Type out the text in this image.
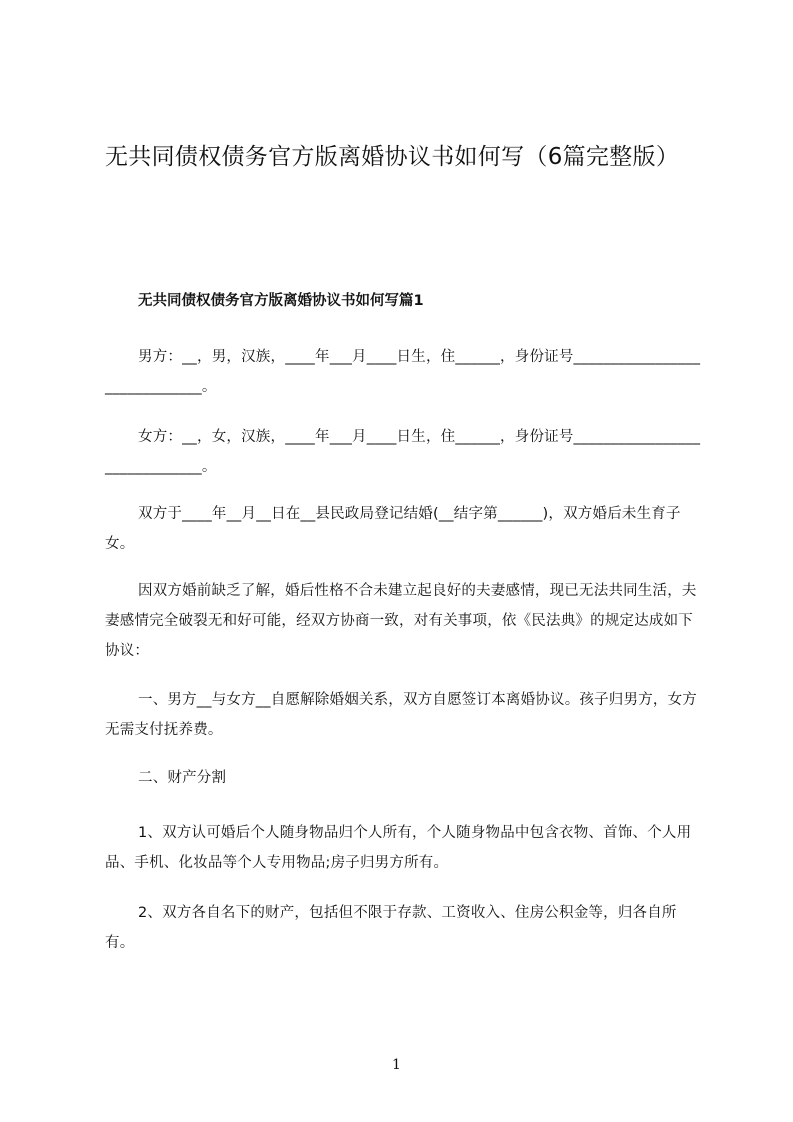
无共同债权债务官方版离婚协议书如何写（6篇完整版）
无共同债权债务官方版离婚协议书如何写篇1
男方：__，男，汉族，____年___月____日生，住______，身份证号______________________________。
女方：__，女，汉族，____年___月____日生，住______，身份证号______________________________。
双方于____年__月__日在__县民政局登记结婚(__结字第______)，双方婚后未生育子女。
因双方婚前缺乏了解，婚后性格不合未建立起良好的夫妻感情，现已无法共同生活，夫妻感情完全破裂无和好可能，经双方协商一致，对有关事项，依《民法典》的规定达成如下协议：
一、男方__与女方__自愿解除婚姻关系，双方自愿签订本离婚协议。孩子归男方，女方无需支付抚养费。
二、财产分割
1、双方认可婚后个人随身物品归个人所有，个人随身物品中包含衣物、首饰、个人用品、手机、化妆品等个人专用物品;房子归男方所有。
2、双方各自名下的财产，包括但不限于存款、工资收入、住房公积金等，归各自所有。
1
